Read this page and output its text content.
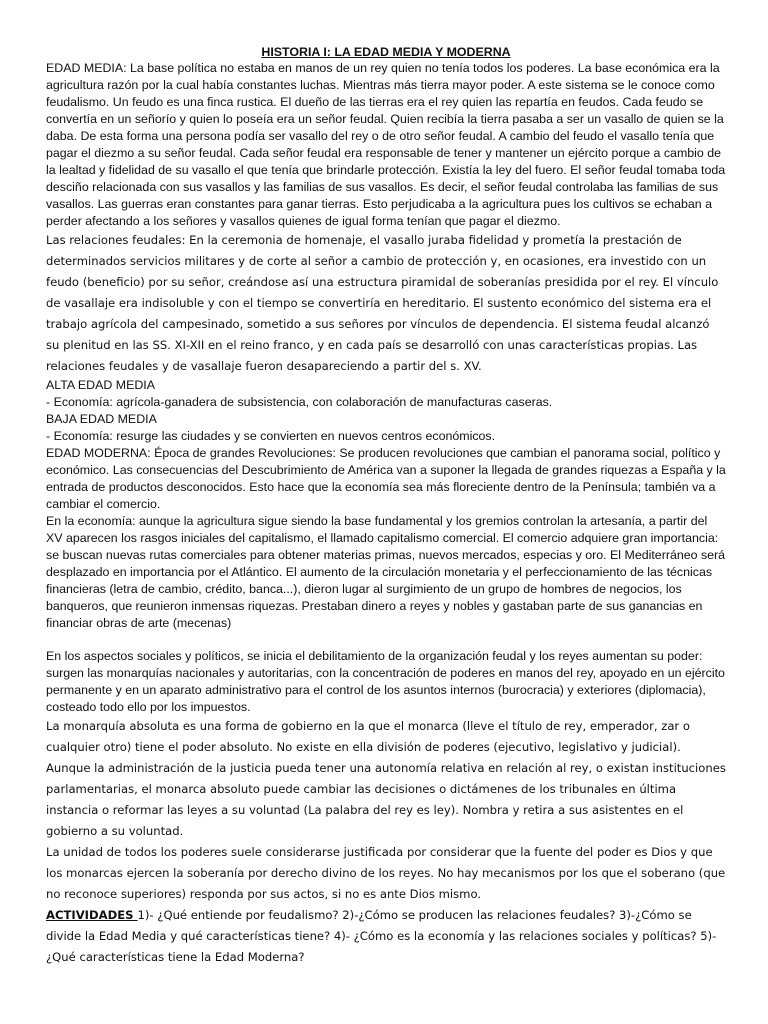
HISTORIA I: LA EDAD MEDIA Y MODERNA

EDAD MEDIA: La base política no estaba en manos de un rey quien no tenía todos los poderes. La base económica era la agricultura razón por la cual había constantes luchas. Mientras más tierra mayor poder. A este sistema se le conoce como feudalismo. Un feudo es una finca rustica. El dueño de las tierras era el rey quien las repartía en feudos. Cada feudo se convertía en un señorío y quien lo poseía era un señor feudal. Quien recibía la tierra pasaba a ser un vasallo de quien se la daba. De esta forma una persona podía ser vasallo del rey o de otro señor feudal. A cambio del feudo el vasallo tenía que pagar el diezmo a su señor feudal. Cada señor feudal era responsable de tener y mantener un ejército porque a cambio de la lealtad y fidelidad de su vasallo el que tenía que brindarle protección. Existía la ley del fuero. El señor feudal tomaba toda desciño relacionada con sus vasallos y las familias de sus vasallos. Es decir, el señor feudal controlaba las familias de sus vasallos. Las guerras eran constantes para ganar tierras. Esto perjudicaba a la agricultura pues los cultivos se echaban a perder afectando a los señores y vasallos quienes de igual forma tenían que pagar el diezmo.

Las relaciones feudales: En la ceremonia de homenaje, el vasallo juraba fidelidad y prometía la prestación de determinados servicios militares y de corte al señor a cambio de protección y, en ocasiones, era investido con un feudo (beneficio) por su señor, creándose así una estructura piramidal de soberanías presidida por el rey. El vínculo de vasallaje era indisoluble y con el tiempo se convertiría en hereditario. El sustento económico del sistema era el trabajo agrícola del campesinado, sometido a sus señores por vínculos de dependencia. El sistema feudal alcanzó su plenitud en las SS. XI-XII en el reino franco, y en cada país se desarrolló con unas características propias. Las relaciones feudales y de vasallaje fueron desapareciendo a partir del s. XV.

ALTA EDAD MEDIA

- Economía: agrícola-ganadera de subsistencia, con colaboración de manufacturas caseras.

BAJA EDAD MEDIA

- Economía: resurge las ciudades y se convierten en nuevos centros económicos.

EDAD MODERNA: Época de grandes Revoluciones: Se producen revoluciones que cambian el panorama social, político y económico. Las consecuencias del Descubrimiento de América van a suponer la llegada de grandes riquezas a España y la entrada de productos desconocidos. Esto hace que la economía sea más floreciente dentro de la Península; también va a cambiar el comercio.

En la economía: aunque la agricultura sigue siendo la base fundamental y los gremios controlan la artesanía, a partir del XV aparecen los rasgos iniciales del capitalismo, el llamado capitalismo comercial. El comercio adquiere gran importancia: se buscan nuevas rutas comerciales para obtener materias primas, nuevos mercados, especias y oro. El Mediterráneo será desplazado en importancia por el Atlántico. El aumento de la circulación monetaria y el perfeccionamiento de las técnicas financieras (letra de cambio, crédito, banca...), dieron lugar al surgimiento de un grupo de hombres de negocios, los banqueros, que reunieron inmensas riquezas. Prestaban dinero a reyes y nobles y gastaban parte de sus ganancias en financiar obras de arte (mecenas)

En los aspectos sociales y políticos, se inicia el debilitamiento de la organización feudal y los reyes aumentan su poder: surgen las monarquías nacionales y autoritarias, con la concentración de poderes en manos del rey, apoyado en un ejército permanente y en un aparato administrativo para el control de los asuntos internos (burocracia) y exteriores (diplomacia), costeado todo ello por los impuestos.

La monarquía absoluta es una forma de gobierno en la que el monarca (lleve el título de rey, emperador, zar o cualquier otro) tiene el poder absoluto. No existe en ella división de poderes (ejecutivo, legislativo y judicial). Aunque la administración de la justicia pueda tener una autonomía relativa en relación al rey, o existan instituciones parlamentarias, el monarca absoluto puede cambiar las decisiones o dictámenes de los tribunales en última instancia o reformar las leyes a su voluntad (La palabra del rey es ley). Nombra y retira a sus asistentes en el gobierno a su voluntad.

La unidad de todos los poderes suele considerarse justificada por considerar que la fuente del poder es Dios y que los monarcas ejercen la soberanía por derecho divino de los reyes. No hay mecanismos por los que el soberano (que no reconoce superiores) responda por sus actos, si no es ante Dios mismo.

ACTIVIDADES 1)- ¿Qué entiende por feudalismo? 2)-¿Cómo se producen las relaciones feudales? 3)-¿Cómo se divide la Edad Media y qué características tiene? 4)- ¿Cómo es la economía y las relaciones sociales y políticas? 5)- ¿Qué características tiene la Edad Moderna?
